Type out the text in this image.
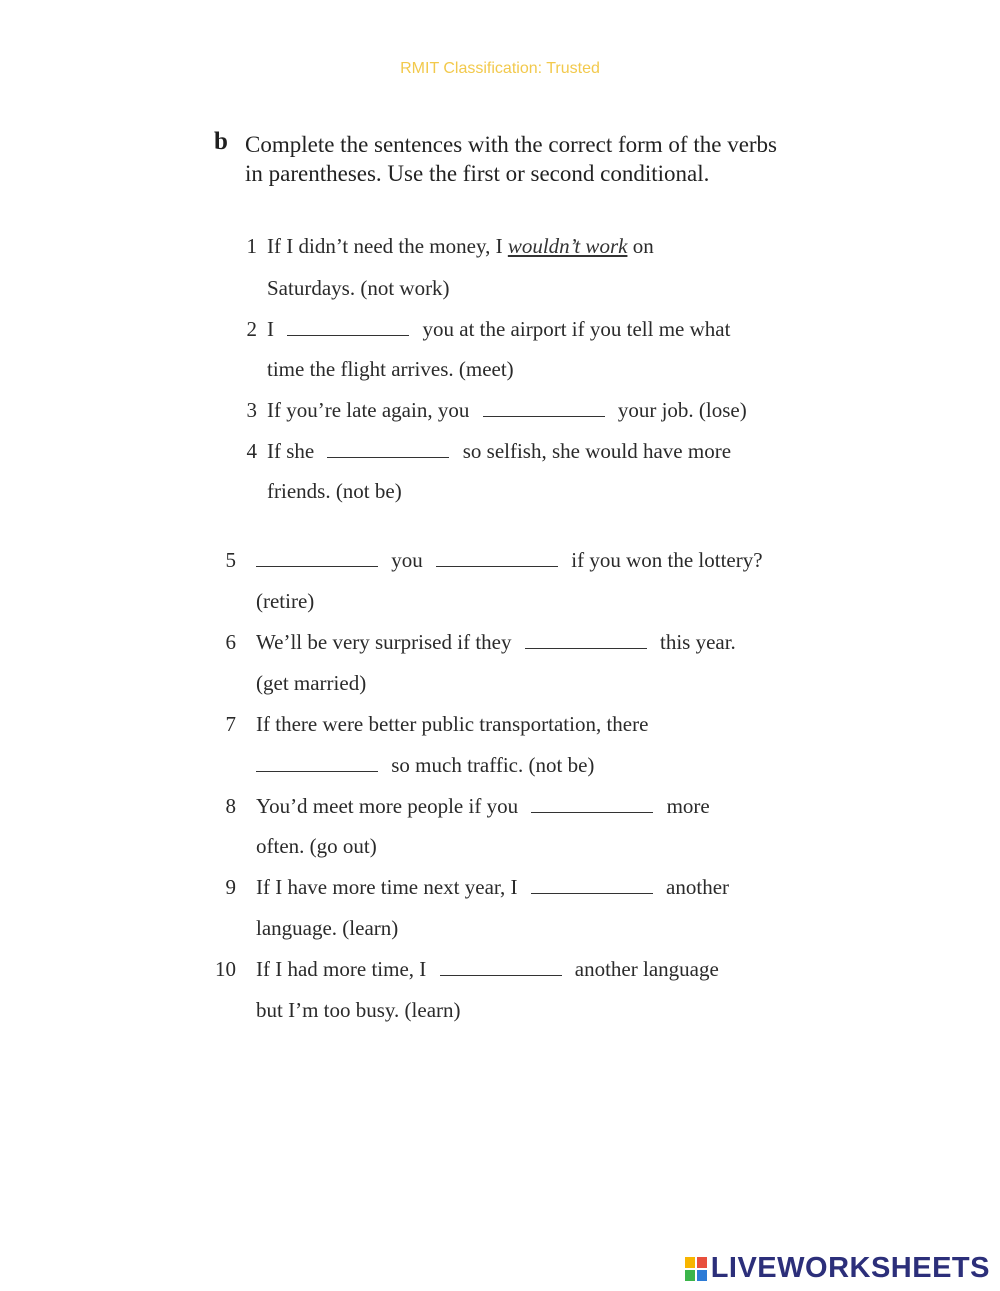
RMIT Classification: Trusted
b Complete the sentences with the correct form of the verbs in parentheses. Use the first or second conditional.
1 If I didn’t need the money, I wouldn’t work on
Saturdays. (not work)
2 I	you at the airport if you tell me what
time the flight arrives. (meet)
3 If you’re late again, you	your job. (lose)
4 If she	so selfish, she would have more
friends. (not be)
5	you	if you won the lottery?
(retire)
6 We’ll be very surprised if they	this year.
(get married)
7 If there were better public transportation, there
so much traffic. (not be)
8 You’d meet more people if you	more
often. (go out)
9 If I have more time next year, I	another
language. (learn)
10 If I had more time, I	another language
but I’m too busy. (learn)
LIVEWORKSHEETS
